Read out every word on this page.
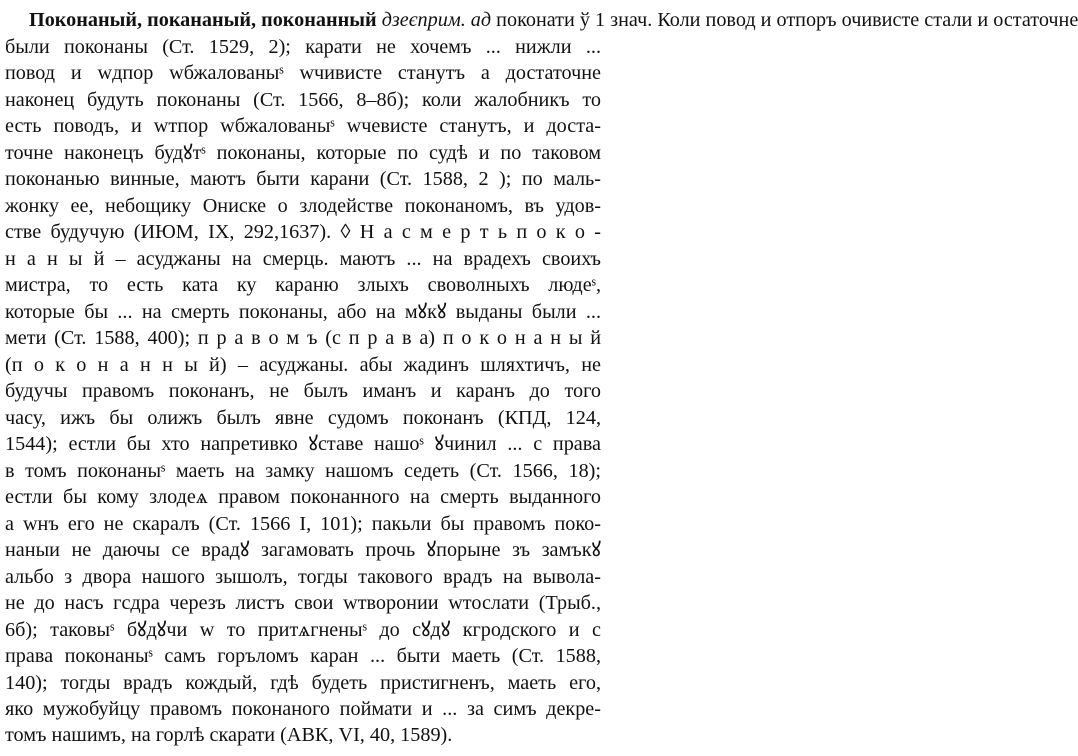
Поконаный, покананый, поконанный дзеєприм. ад поконати ў 1 знач. Коли повод и отпоръ очивисте стали и остаточне
были поконаны (Ст. 1529, 2); карати не хочемъ ... нижли ...
повод и wдпор wбжалованыˢ wчивисте станутъ а достаточне
наконец будуть поконаны (Ст. 1566, 8–8б); коли жалобникъ то
есть поводъ, и wтпор wбжалованыˢ wчевисте станутъ, и доста-
точне наконецъ будꙋтˢ поконаны, которые по судѣ и по таковом
поконанью винные, маютъ быти карани (Ст. 1588, 2 ); по маль-
жонку ее, небощику Ониске о злодействе поконаномъ, въ удов-
стве будучую (ИЮМ, IX, 292,1637). ◊ Н а с м е р т ь п о к о -
н а н ы й – асуджаны на смерць. маютъ ... на врадехъ своихъ
мистра, то есть ката ку караню злыхъ своволныхъ людеˢ,
которые бы ... на смерть поконаны, або на мꙋкꙋ выданы были ...
мети (Ст. 1588, 400); п р а в о м ъ (с п р а в а) п о к о н а н ы й
(п о к о н а н н ы й) – асуджаны. абы жадинъ шляхтичъ, не
будучы правомъ поконанъ, не былъ иманъ и каранъ до того
часу, ижъ бы олижъ былъ явне судомъ поконанъ (КПД, 124,
1544); естли бы хто напретивко ꙋставе нашоˢ ꙋчинил ... с права
в томъ поконаныˢ маеть на замку нашомъ седеть (Ст. 1566, 18);
естли бы кому злодеѧ правом поконанного на смерть выданного
а wнъ его не скаралъ (Ст. 1566 I, 101); пакьли бы правомъ поко-
наныи не даючы се врадꙋ загамовать прочь ꙋпорыне зъ замъкꙋ
альбо з двора нашого зышолъ, тогды таковогo врадъ на выволa-
не до насъ гсдра черезъ листъ свои wтворонии wтослати (Трыб.,
6б); таковыˢ бꙋдꙋчи w то притѧгненыˢ до сꙋдꙋ кгродского и с
права поконаныˢ самъ горъломъ каран ... быти маеть (Ст. 1588,
140); тогды врадъ кождый, гдѣ будеть пристигненъ, маеть его,
яко мужобуйцу правомъ поконаного поймати и ... за симъ декре-
томъ нашимъ, на горлѣ скарати (АВК, VI, 40, 1589).
